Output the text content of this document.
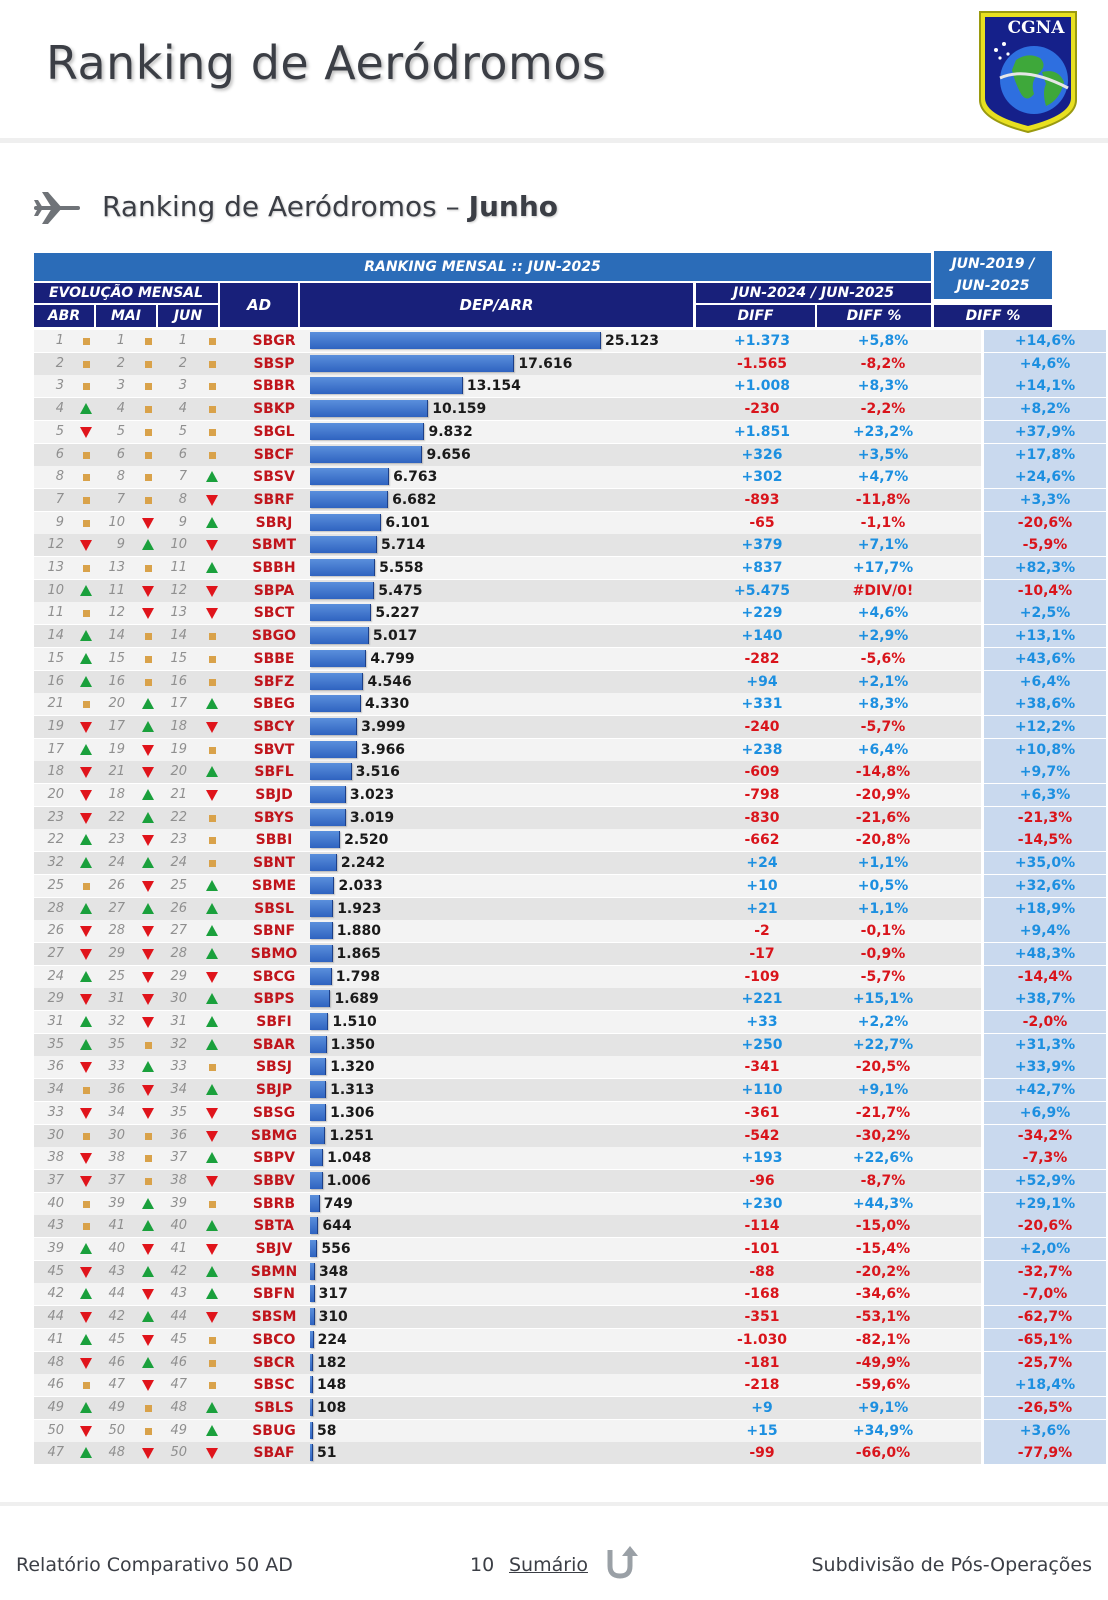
Ranking de Aeródromos
CGNA
Ranking de Aeródromos – Junho
RANKING MENSAL :: JUN-2025	JUN-2019 / JUN-2025
EVOLUÇÃO MENSAL
AD	DEP/ARR
JUN-2024 / JUN-2025
ABR	MAI	JUN	DIFF	DIFF %	DIFF %
1	1	1	SBGR	25.123	+1.373	+5,8%	+14,6%
2	2	2	SBSP	17.616	-1.565	-8,2%	+4,6%
3	3	3	SBBR	13.154	+1.008	+8,3%	+14,1%
4	4	4	SBKP	10.159	-230	-2,2%	+8,2%
5	5	5	SBGL	9.832	+1.851	+23,2%	+37,9%
6	6	6	SBCF	9.656	+326	+3,5%	+17,8%
8	8	7	SBSV	6.763	+302	+4,7%	+24,6%
7	7	8	SBRF	6.682	-893	-11,8%	+3,3%
9	10	9	SBRJ	6.101	-65	-1,1%	-20,6%
12	9	10	SBMT	5.714	+379	+7,1%	-5,9%
13	13	11	SBBH	5.558	+837	+17,7%	+82,3%
10	11	12	SBPA	5.475	+5.475	#DIV/0!	-10,4%
11	12	13	SBCT	5.227	+229	+4,6%	+2,5%
14	14	14	SBGO	5.017	+140	+2,9%	+13,1%
15	15	15	SBBE	4.799	-282	-5,6%	+43,6%
16	16	16	SBFZ	4.546	+94	+2,1%	+6,4%
21	20	17	SBEG	4.330	+331	+8,3%	+38,6%
19	17	18	SBCY	3.999	-240	-5,7%	+12,2%
17	19	19	SBVT	3.966	+238	+6,4%	+10,8%
18	21	20	SBFL	3.516	-609	-14,8%	+9,7%
20	18	21	SBJD	3.023	-798	-20,9%	+6,3%
23	22	22	SBYS	3.019	-830	-21,6%	-21,3%
22	23	23	SBBI	2.520	-662	-20,8%	-14,5%
32	24	24	SBNT	2.242	+24	+1,1%	+35,0%
25	26	25	SBME	2.033	+10	+0,5%	+32,6%
28	27	26	SBSL	1.923	+21	+1,1%	+18,9%
26	28	27	SBNF	1.880	-2	-0,1%	+9,4%
27	29	28	SBMO	1.865	-17	-0,9%	+48,3%
24	25	29	SBCG	1.798	-109	-5,7%	-14,4%
29	31	30	SBPS	1.689	+221	+15,1%	+38,7%
31	32	31	SBFI	1.510	+33	+2,2%	-2,0%
35	35	32	SBAR	1.350	+250	+22,7%	+31,3%
36	33	33	SBSJ	1.320	-341	-20,5%	+33,9%
34	36	34	SBJP	1.313	+110	+9,1%	+42,7%
33	34	35	SBSG	1.306	-361	-21,7%	+6,9%
30	30	36	SBMG	1.251	-542	-30,2%	-34,2%
38	38	37	SBPV	1.048	+193	+22,6%	-7,3%
37	37	38	SBBV	1.006	-96	-8,7%	+52,9%
40	39	39	SBRB	749	+230	+44,3%	+29,1%
43	41	40	SBTA	644	-114	-15,0%	-20,6%
39	40	41	SBJV	556	-101	-15,4%	+2,0%
45	43	42	SBMN	348	-88	-20,2%	-32,7%
42	44	43	SBFN	317	-168	-34,6%	-7,0%
44	42	44	SBSM	310	-351	-53,1%	-62,7%
41	45	45	SBCO	224	-1.030	-82,1%	-65,1%
48	46	46	SBCR	182	-181	-49,9%	-25,7%
46	47	47	SBSC	148	-218	-59,6%	+18,4%
49	49	48	SBLS	108	+9	+9,1%	-26,5%
50	50	49	SBUG	58	+15	+34,9%	+3,6%
47	48	50	SBAF	51	-99	-66,0%	-77,9%
Relatório Comparativo 50 AD	10 Sumário	Subdivisão de Pós-Operações
